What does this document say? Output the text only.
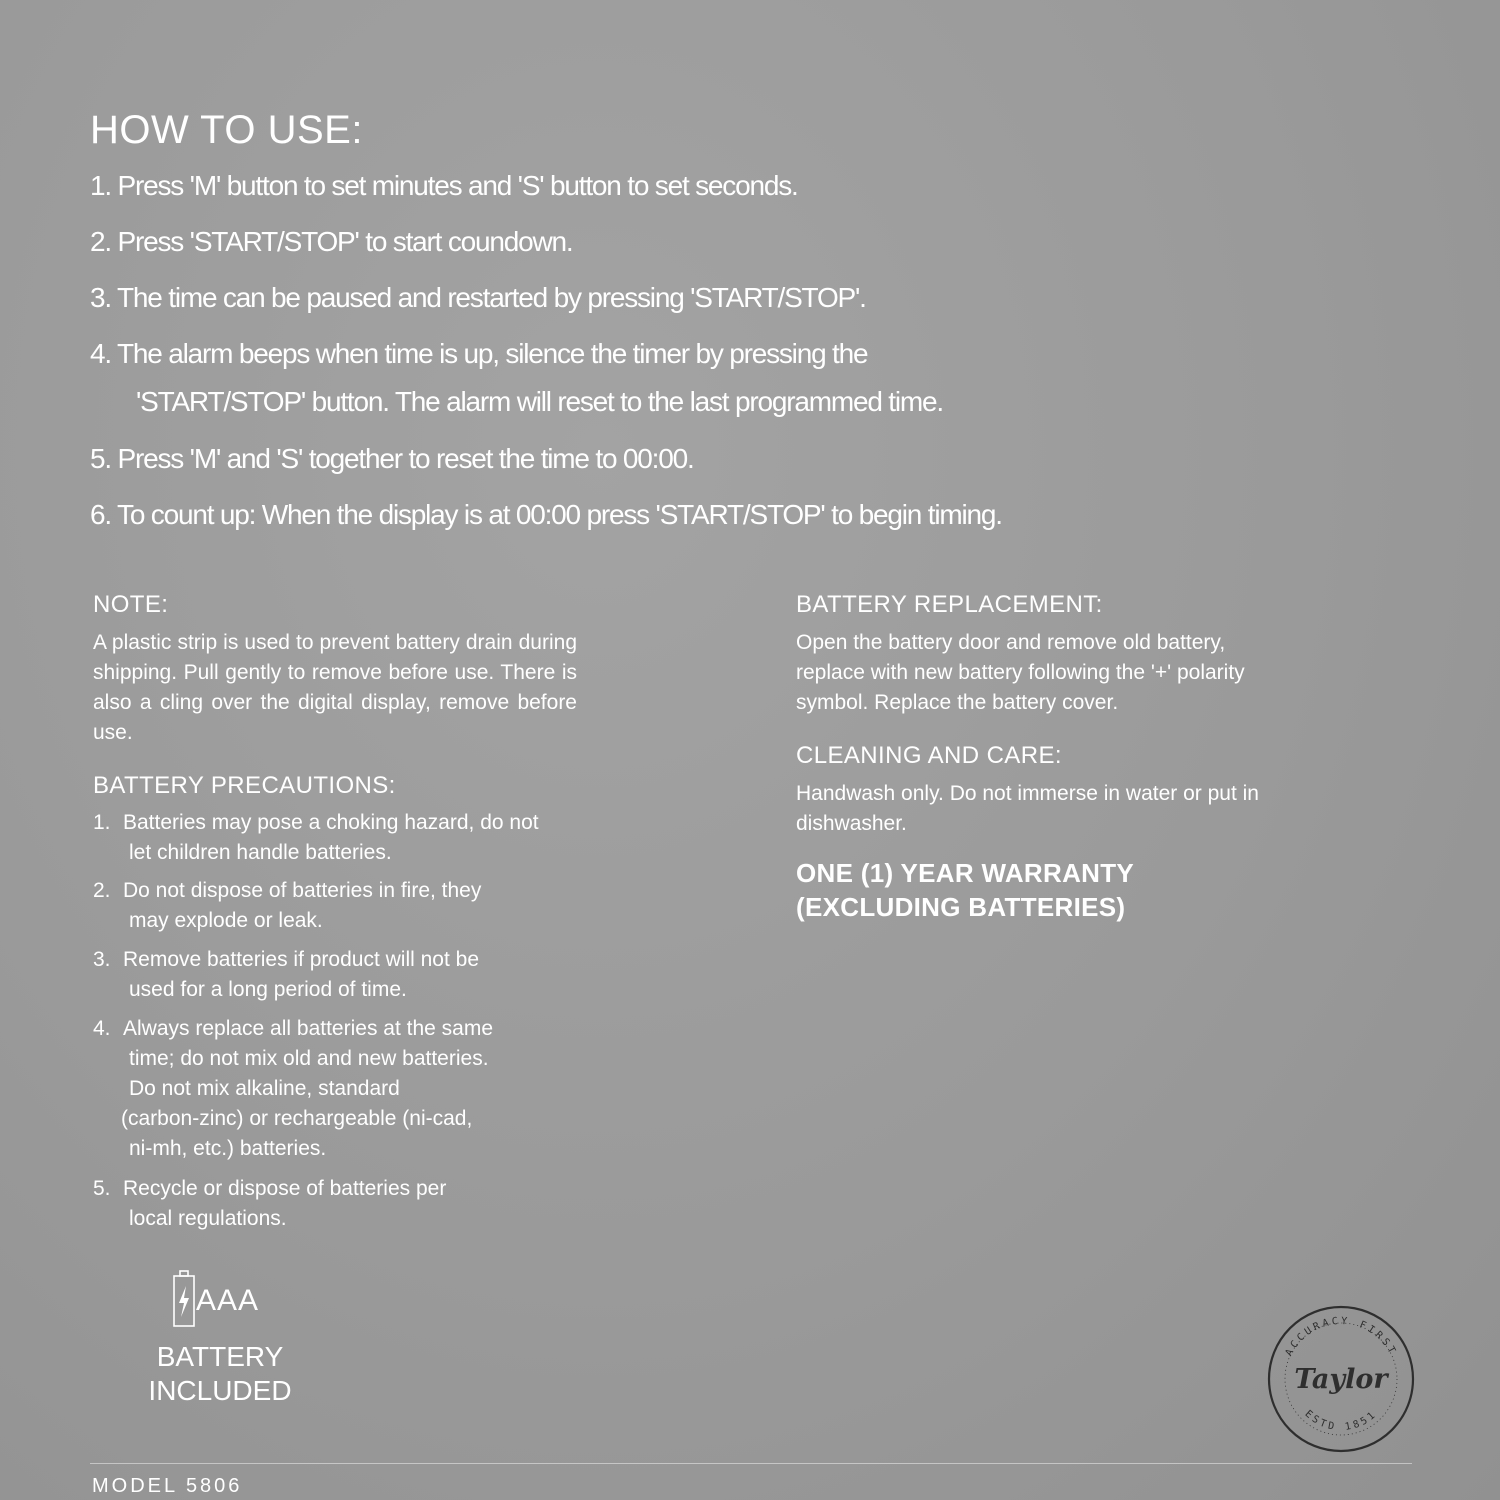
HOW TO USE:
1. Press 'M' button to set minutes and 'S' button to set seconds.
2. Press 'START/STOP' to start coundown.
3. The time can be paused and restarted by pressing 'START/STOP'.
4. The alarm beeps when time is up, silence the timer by pressing the
'START/STOP' button. The alarm will reset to the last programmed time.
5. Press 'M' and 'S' together to reset the time to 00:00.
6. To count up: When the display is at 00:00 press 'START/STOP' to begin timing.
NOTE:

A plastic strip is used to prevent battery drain during shipping. Pull gently to remove before use. There is also a cling over the digital display, remove before use.

BATTERY PRECAUTIONS:
1. Batteries may pose a choking hazard, do not
let children handle batteries.
2. Do not dispose of batteries in fire, they
may explode or leak.
3. Remove batteries if product will not be
used for a long period of time.
4. Always replace all batteries at the same
time; do not mix old and new batteries.
Do not mix alkaline, standard
(carbon-zinc) or rechargeable (ni-cad,
ni-mh, etc.) batteries.
5. Recycle or dispose of batteries per
local regulations.
BATTERY REPLACEMENT:

Open the battery door and remove old battery, replace with new battery following the '+' polarity symbol. Replace the battery cover.

CLEANING AND CARE:

Handwash only. Do not immerse in water or put in dishwasher.

ONE (1) YEAR WARRANTY
(EXCLUDING BATTERIES)
AAA
BATTERY
INCLUDED
ACCURACY FIRST
Taylor
ESTD 1851
MODEL 5806
